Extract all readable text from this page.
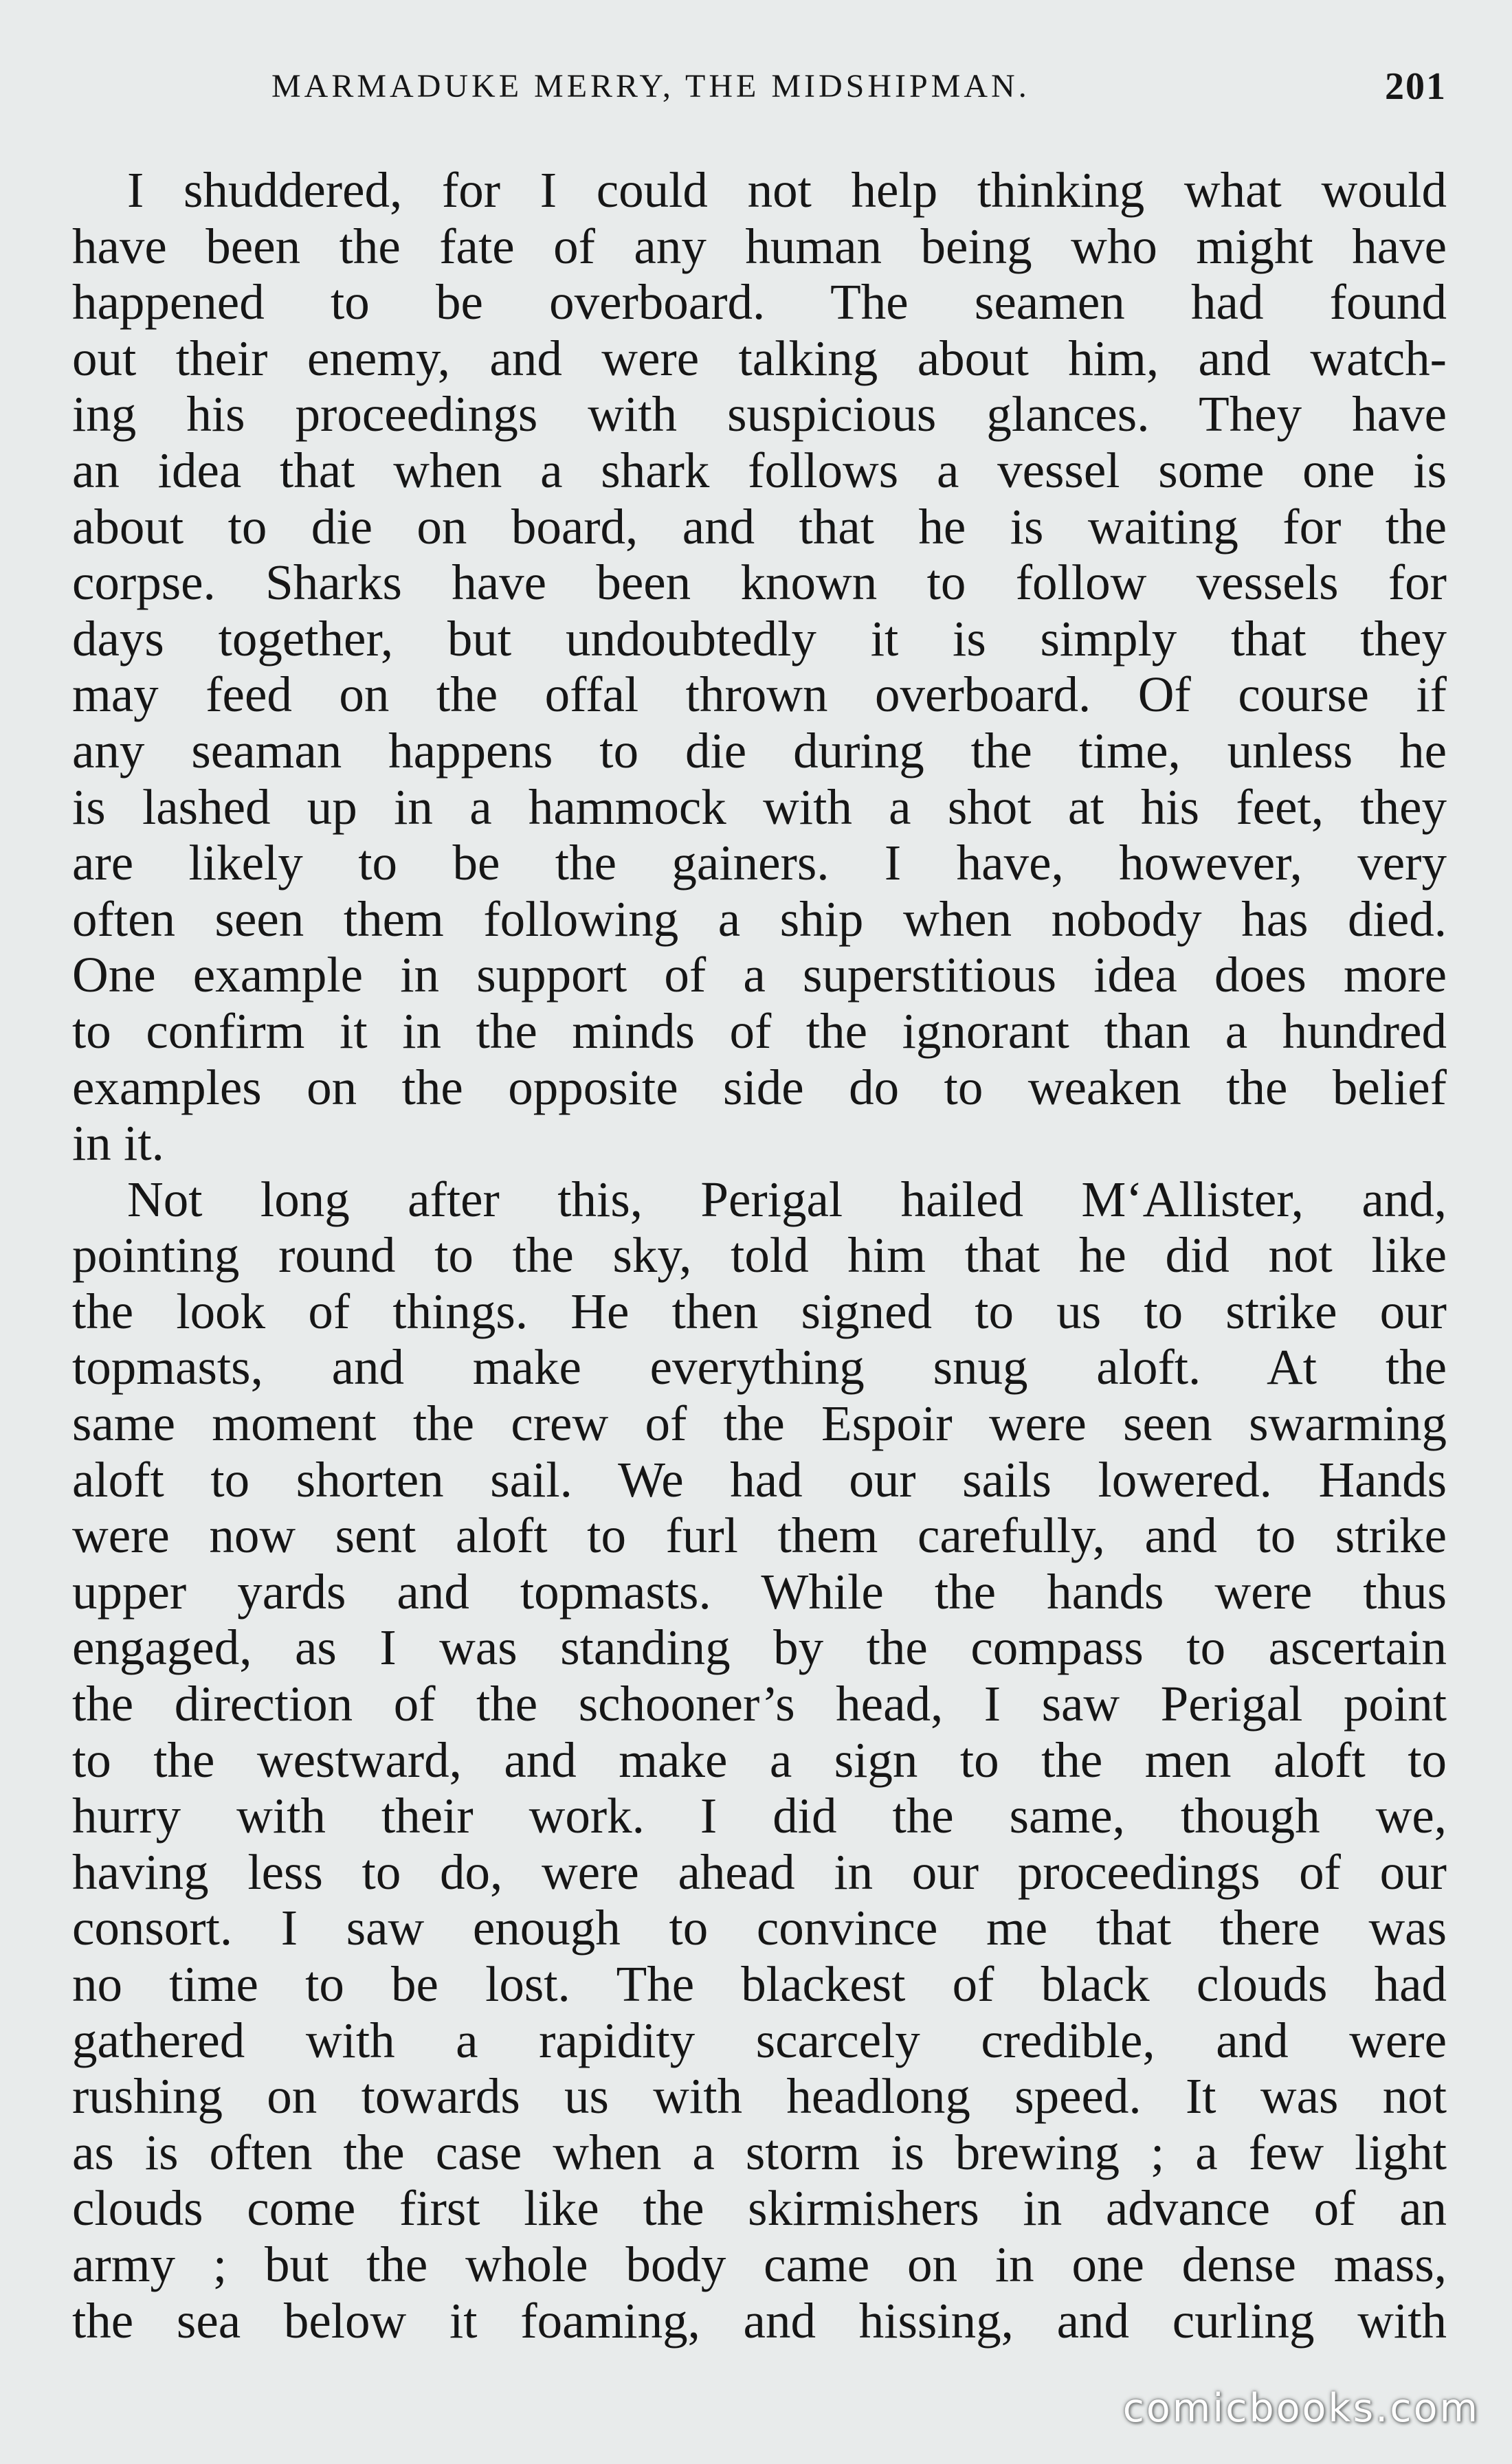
MARMADUKE MERRY, THE MIDSHIPMAN.	201
I shuddered, for I could not help thinking what would
have been the fate of any human being who might have
happened to be overboard. The seamen had found
out their enemy, and were talking about him, and watch-
ing his proceedings with suspicious glances. They have
an idea that when a shark follows a vessel some one is
about to die on board, and that he is waiting for the
corpse. Sharks have been known to follow vessels for
days together, but undoubtedly it is simply that they
may feed on the offal thrown overboard. Of course if
any seaman happens to die during the time, unless he
is lashed up in a hammock with a shot at his feet, they
are likely to be the gainers. I have, however, very
often seen them following a ship when nobody has died.
One example in support of a superstitious idea does more
to confirm it in the minds of the ignorant than a hundred
examples on the opposite side do to weaken the belief
in it.
Not long after this, Perigal hailed M‘Allister, and,
pointing round to the sky, told him that he did not like
the look of things. He then signed to us to strike our
topmasts, and make everything snug aloft. At the
same moment the crew of the Espoir were seen swarming
aloft to shorten sail. We had our sails lowered. Hands
were now sent aloft to furl them carefully, and to strike
upper yards and topmasts. While the hands were thus
engaged, as I was standing by the compass to ascertain
the direction of the schooner’s head, I saw Perigal point
to the westward, and make a sign to the men aloft to
hurry with their work. I did the same, though we,
having less to do, were ahead in our proceedings of our
consort. I saw enough to convince me that there was
no time to be lost. The blackest of black clouds had
gathered with a rapidity scarcely credible, and were
rushing on towards us with headlong speed. It was not
as is often the case when a storm is brewing ; a few light
clouds come first like the skirmishers in advance of an
army ; but the whole body came on in one dense mass,
the sea below it foaming, and hissing, and curling with
comicbooks.com
